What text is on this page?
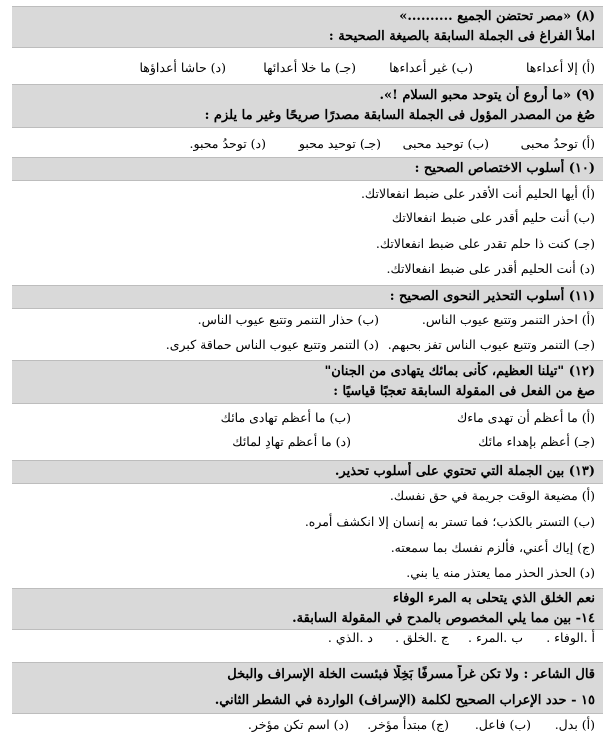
(٨) «مصر تحتضن الجميع ..........»
املأ الفراغ فى الجملة السابقة بالصيغة الصحيحة :
(أ) إلا أعداءها
(ب) غير أعداءها
(جـ) ما خلا أعدائها
(د) حاشا أعداؤها
(٩) «ما أروع أن يتوحد محبو السلام !».
صُغ من المصدر المؤول فى الجملة السابقة مصدرًا صريحًا وغير ما يلزم :
(أ) توحدُ محبى
(ب) توحيد محبى
(جـ) توحيد محبو
(د) توحدُ محبو.
(١٠) أسلوب الاختصاص الصحيح :
(أ) أيها الحليم أنت الأقدر على ضبط انفعالاتك.
(ب) أنت حليم أقدر على ضبط انفعالاتك
(جـ) كنت ذا حلم تقدر على ضبط انفعالاتك.
(د) أنت الحليم أقدر على ضبط انفعالاتك.
(١١) أسلوب التحذير النحوى الصحيح :
(أ) احذر التنمر وتتبع عيوب الناس.
(ب) حذار التنمر وتتبع عيوب الناس.
(جـ) التنمر وتتبع عيوب الناس تفز بحبهم.
(د) التنمر وتتبع عيوب الناس حماقة كبرى.
(١٢) "تيلنا العظيم، كأنى بمائك يتهادى من الجنان"
صغ من الفعل فى المقولة السابقة تعجبًا قياسيًا :
(أ) ما أعظم أن تهدى ماءك
(ب) ما أعظم تهادى مائك
(جـ) أعظم بإهداء مائك
(د) ما أعظم تهادِ لمائك
(١٣) بين الجملة التي تحتوي على أسلوب تحذير.
(أ) مضيعة الوقت جريمة في حق نفسك.
(ب) التستر بالكذب؛ فما تستر به إنسان إلا انكشف أمره.
(ج) إياك أعني، فألزم نفسك بما سمعته.
(د) الحذر الحذر مما يعتذر منه يا بني.
نعم الخلق الذي يتحلى به المرء الوفاء
١٤- بين مما يلي المخصوص بالمدح في المقولة السابقة.
أ .الوفاء .
ب .المرء .
ج .الخلق .
د .الذي .
قال الشاعر : ولا تكن غراً مسرفًا بَخِلًا فبئست الخلة الإسراف والبخل
١٥ - حدد الإعراب الصحيح لكلمة (الإسراف) الواردة في الشطر الثاني.
(أ) بدل.
(ب) فاعل.
(ج) مبتدأ مؤخر.
(د) اسم تكن مؤخر.
